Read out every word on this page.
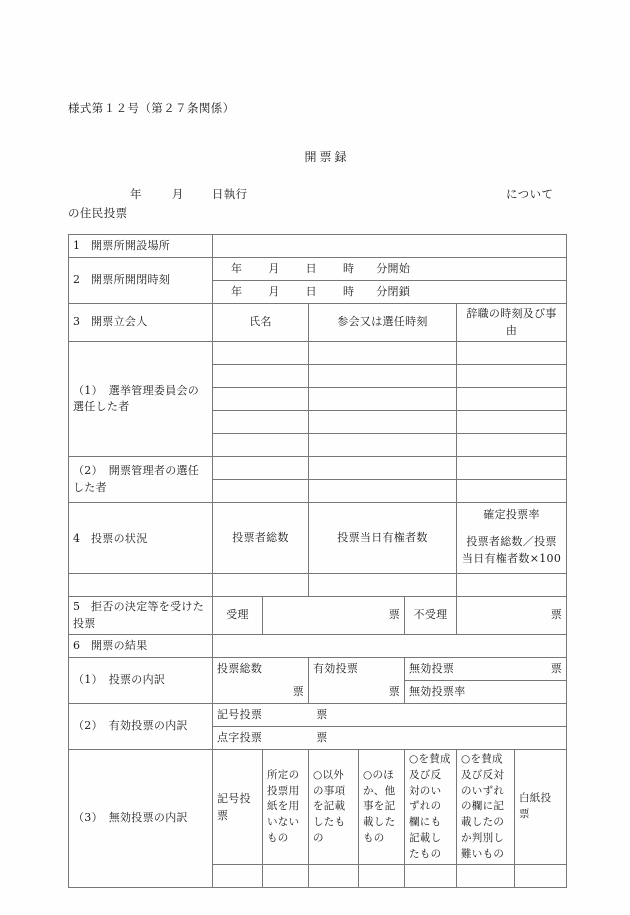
様式第１２号（第２７条関係）
開票録
年	月 日執行	について
の住民投票
1 開票所開設場所							
2 開票所開閉時刻	年 月 日 時 分開始						
	年 月 日 時 分閉鎖						
3 開票立会人	氏名		参会又は選任時刻			辞職の時刻及び事由	
（1）　選挙管理委員会の選任した者							

（2）　開票管理者の選任した者							

4 投票の状況	投票者総数		投票当日有権者数			確定投票率	
						投票者総数／投票当日有権者数×100	

5 拒否の決定等を受けた投票	受理	票			不受理	票	
6 開票の結果							
（1）　投票の内訳	投票総数		有効投票		無効投票 票		

	票		票		無効投票率		
（2）　有効投票の内訳	記号投票 票						
	点字投票 票						
（3）　無効投票の内訳	記号投票	所定の投票用紙を用いないもの	○以外の事項を記載したもの	○のほか、他事を記載したもの	○を賛成及び反対のいずれの欄にも記載したもの	○を賛成及び反対のいずれの欄に記載したのか判別し難いもの	白紙投票
